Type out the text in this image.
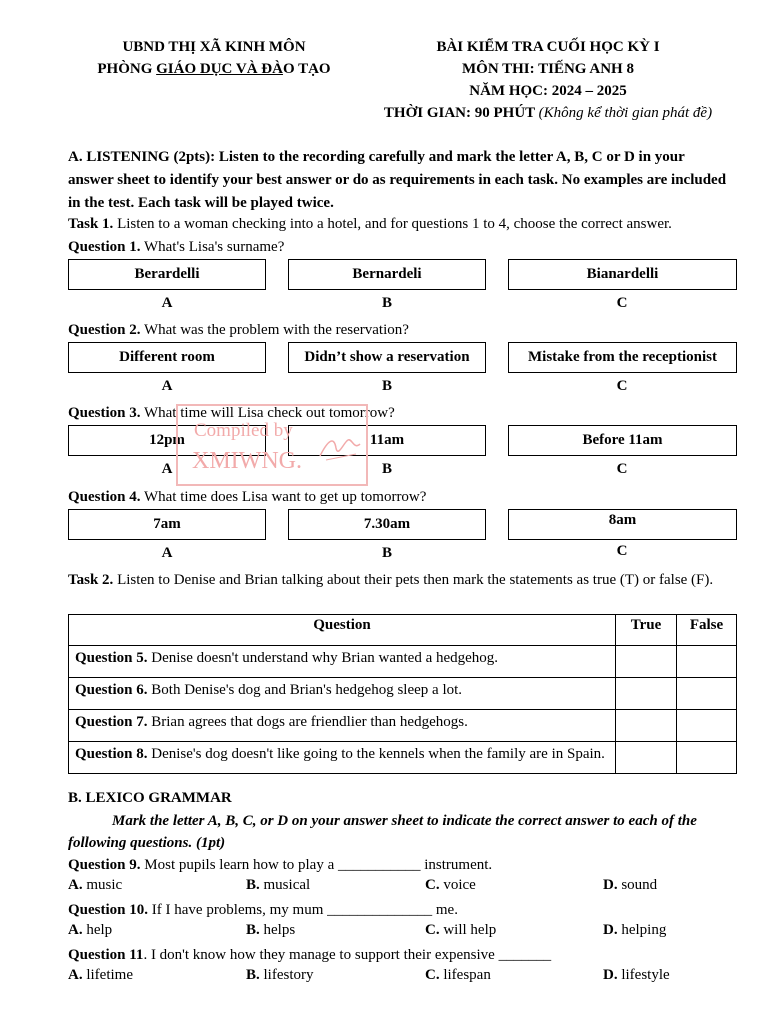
UBND THỊ XÃ KINH MÔN
PHÒNG GIÁO DỤC VÀ ĐÀO TẠO
BÀI KIỂM TRA CUỐI HỌC KỲ I
MÔN THI: TIẾNG ANH 8
NĂM HỌC: 2024 – 2025
THỜI GIAN: 90 PHÚT (Không kể thời gian phát đề)
A. LISTENING (2pts): Listen to the recording carefully and mark the letter A, B, C or D in your answer sheet to identify your best answer or do as requirements in each task. No examples are included in the test. Each task will be played twice.
Task 1. Listen to a woman checking into a hotel, and for questions 1 to 4, choose the correct answer.
Question 1. What's Lisa's surname?
Berardelli	Bernardeli	Bianardelli
A	B	C
Question 2. What was the problem with the reservation?
Different room	Didn’t show a reservation	Mistake from the receptionist
A	B	C
Question 3. What time will Lisa check out tomorrow?
12pm	11am	Before 11am
A	B	C
Compiled by
XMIWNG.
Question 4. What time does Lisa want to get up tomorrow?
7am	7.30am	8am
A	B	C
Task 2. Listen to Denise and Brian talking about their pets then mark the statements as true (T) or false (F).
Question	True	False
Question 5. Denise doesn't understand why Brian wanted a hedgehog.		
Question 6. Both Denise's dog and Brian's hedgehog sleep a lot.		
Question 7. Brian agrees that dogs are friendlier than hedgehogs.		
Question 8. Denise's dog doesn't like going to the kennels when the family are in Spain.		
B. LEXICO GRAMMAR
Mark the letter A, B, C, or D on your answer sheet to indicate the correct answer to each of the following questions. (1pt)
Question 9. Most pupils learn how to play a ___________ instrument.
A. music	B. musical	C. voice	D. sound
Question 10. If I have problems, my mum ______________ me.
A. help	B. helps	C. will help	D. helping
Question 11. I don't know how they manage to support their expensive _______
A. lifetime	B. lifestory	C. lifespan	D. lifestyle
